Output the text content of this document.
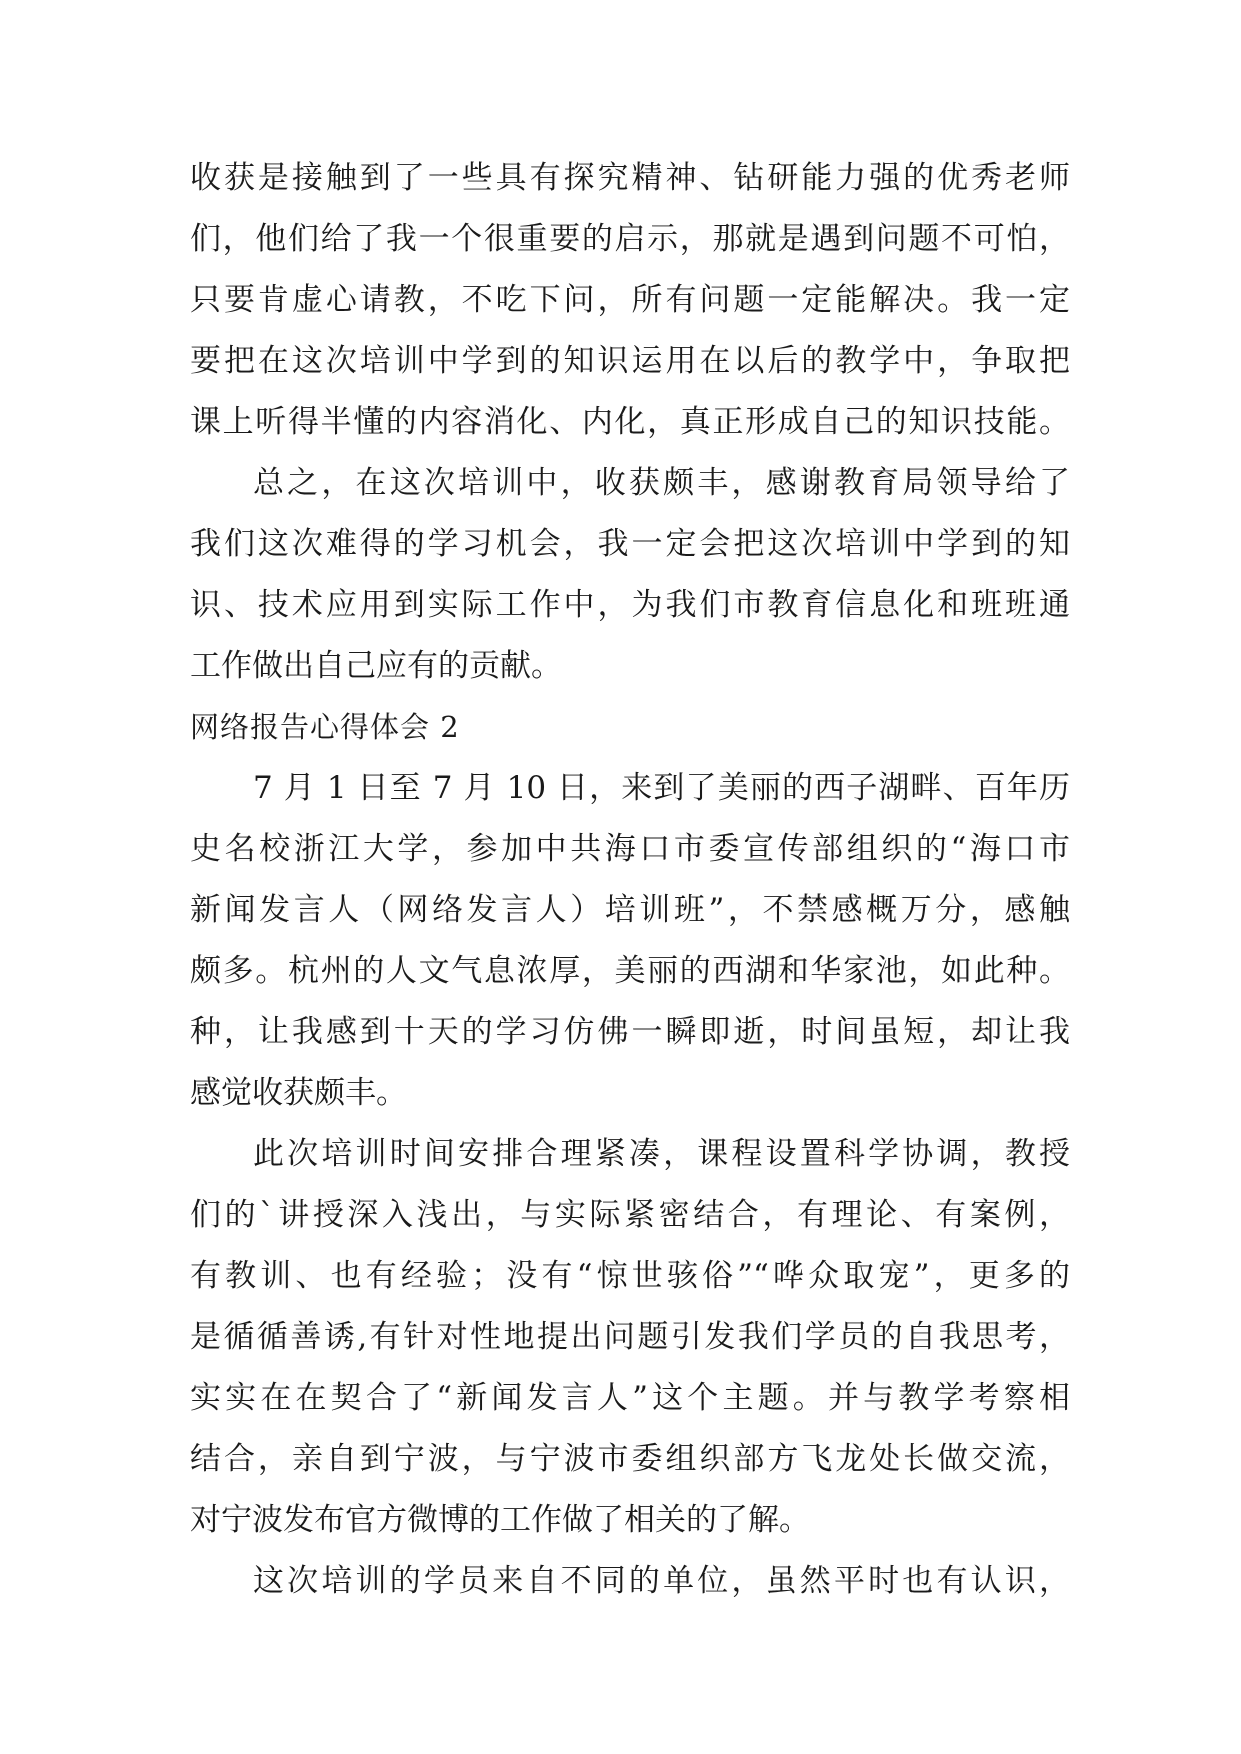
收获是接触到了一些具有探究精神、钻研能力强的优秀老师
们，他们给了我一个很重要的启示，那就是遇到问题不可怕，
只要肯虚心请教，不吃下问，所有问题一定能解决。我一定
要把在这次培训中学到的知识运用在以后的教学中，争取把
课上听得半懂的内容消化、内化，真正形成自己的知识技能。
总之，在这次培训中，收获颇丰，感谢教育局领导给了
我们这次难得的学习机会，我一定会把这次培训中学到的知
识、技术应用到实际工作中，为我们市教育信息化和班班通
工作做出自己应有的贡献。
网络报告心得体会 2
7 月 1 日至 7 月 10 日，来到了美丽的西子湖畔、百年历
史名校浙江大学，参加中共海口市委宣传部组织的“海口市
新闻发言人（网络发言人）培训班”，不禁感概万分，感触
颇多。杭州的人文气息浓厚，美丽的西湖和华家池，如此种。
种，让我感到十天的学习仿佛一瞬即逝，时间虽短，却让我
感觉收获颇丰。
此次培训时间安排合理紧凑，课程设置科学协调，教授
们的`讲授深入浅出，与实际紧密结合，有理论、有案例，
有教训、也有经验；没有“惊世骇俗”“哗众取宠”，更多的
是循循善诱,有针对性地提出问题引发我们学员的自我思考，
实实在在契合了“新闻发言人”这个主题。并与教学考察相
结合，亲自到宁波，与宁波市委组织部方飞龙处长做交流，
对宁波发布官方微博的工作做了相关的了解。
这次培训的学员来自不同的单位，虽然平时也有认识，
